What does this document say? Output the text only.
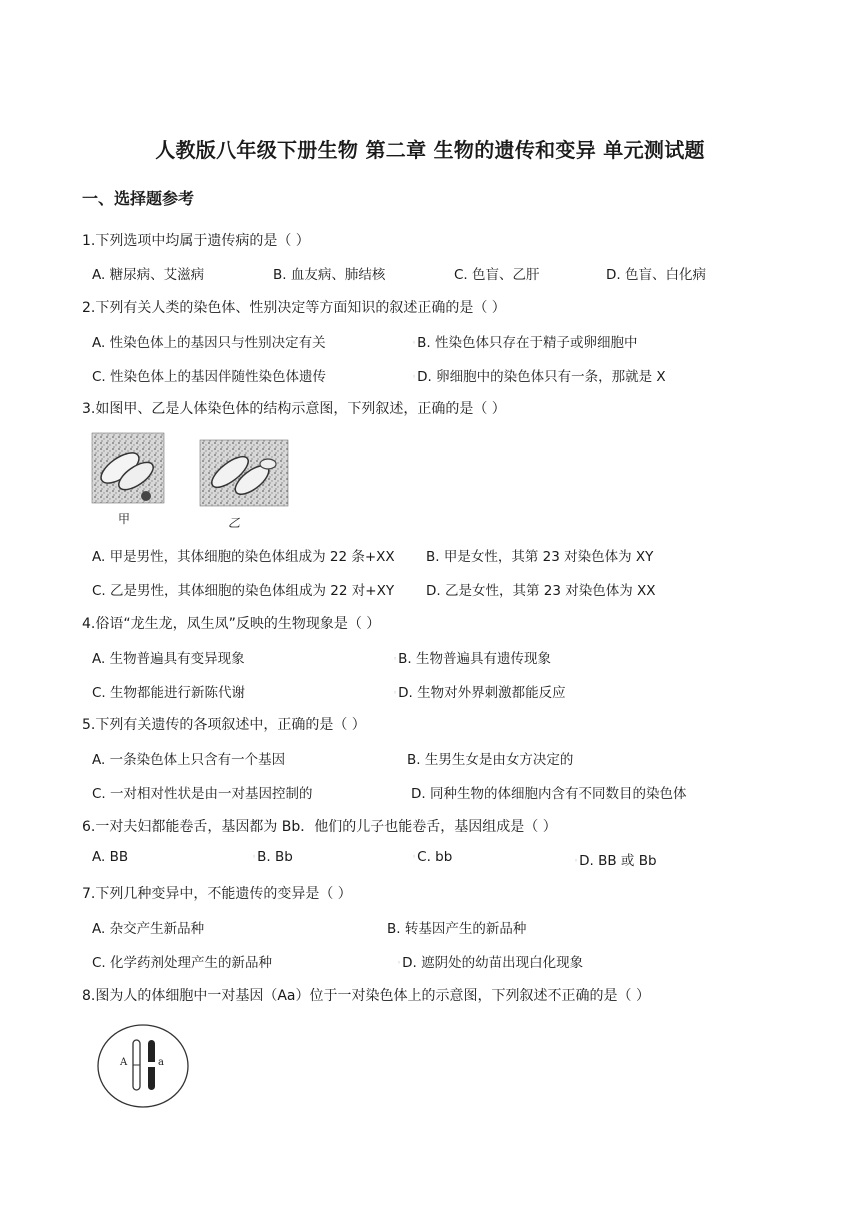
人教版八年级下册生物 第二章 生物的遗传和变异 单元测试题
一、选择题参考
1.下列选项中均属于遗传病的是（ ）
A. 糖尿病、艾滋病	B. 血友病、肺结核	C. 色盲、乙肝	D. 色盲、白化病
2.下列有关人类的染色体、性别决定等方面知识的叙述正确的是（ ）
A. 性染色体上的基因只与性别决定有关	◦B. 性染色体只存在于精子或卵细胞中
C. 性染色体上的基因伴随性染色体遗传	◦D. 卵细胞中的染色体只有一条，那就是 X
3.如图甲、乙是人体染色体的结构示意图，下列叙述，正确的是（ ）
甲	乙
A. 甲是男性，其体细胞的染色体组成为 22 条+XX B. 甲是女性，其第 23 对染色体为 XY
C. 乙是男性，其体细胞的染色体组成为 22 对+XY D. 乙是女性，其第 23 对染色体为 XX
4.俗语“龙生龙，凤生凤”反映的生物现象是（ ）
A. 生物普遍具有变异现象	◦B. 生物普遍具有遗传现象
C. 生物都能进行新陈代谢	◦D. 生物对外界刺激都能反应
5.下列有关遗传的各项叙述中，正确的是（ ）
A. 一条染色体上只含有一个基因	B. 生男生女是由女方决定的
C. 一对相对性状是由一对基因控制的	D. 同种生物的体细胞内含有不同数目的染色体
6.一对夫妇都能卷舌，基因都为 Bb．他们的儿子也能卷舌，基因组成是（ ）
A. BB	◦B. Bb	◦C. bb	◦D. BB 或 Bb
7.下列几种变异中，不能遗传的变异是（ ）
A. 杂交产生新品种	B. 转基因产生的新品种
C. 化学药剂处理产生的新品种	◦D. 遮阴处的幼苗出现白化现象
8.图为人的体细胞中一对基因（Aa）位于一对染色体上的示意图，下列叙述不正确的是（ ）
A	a
